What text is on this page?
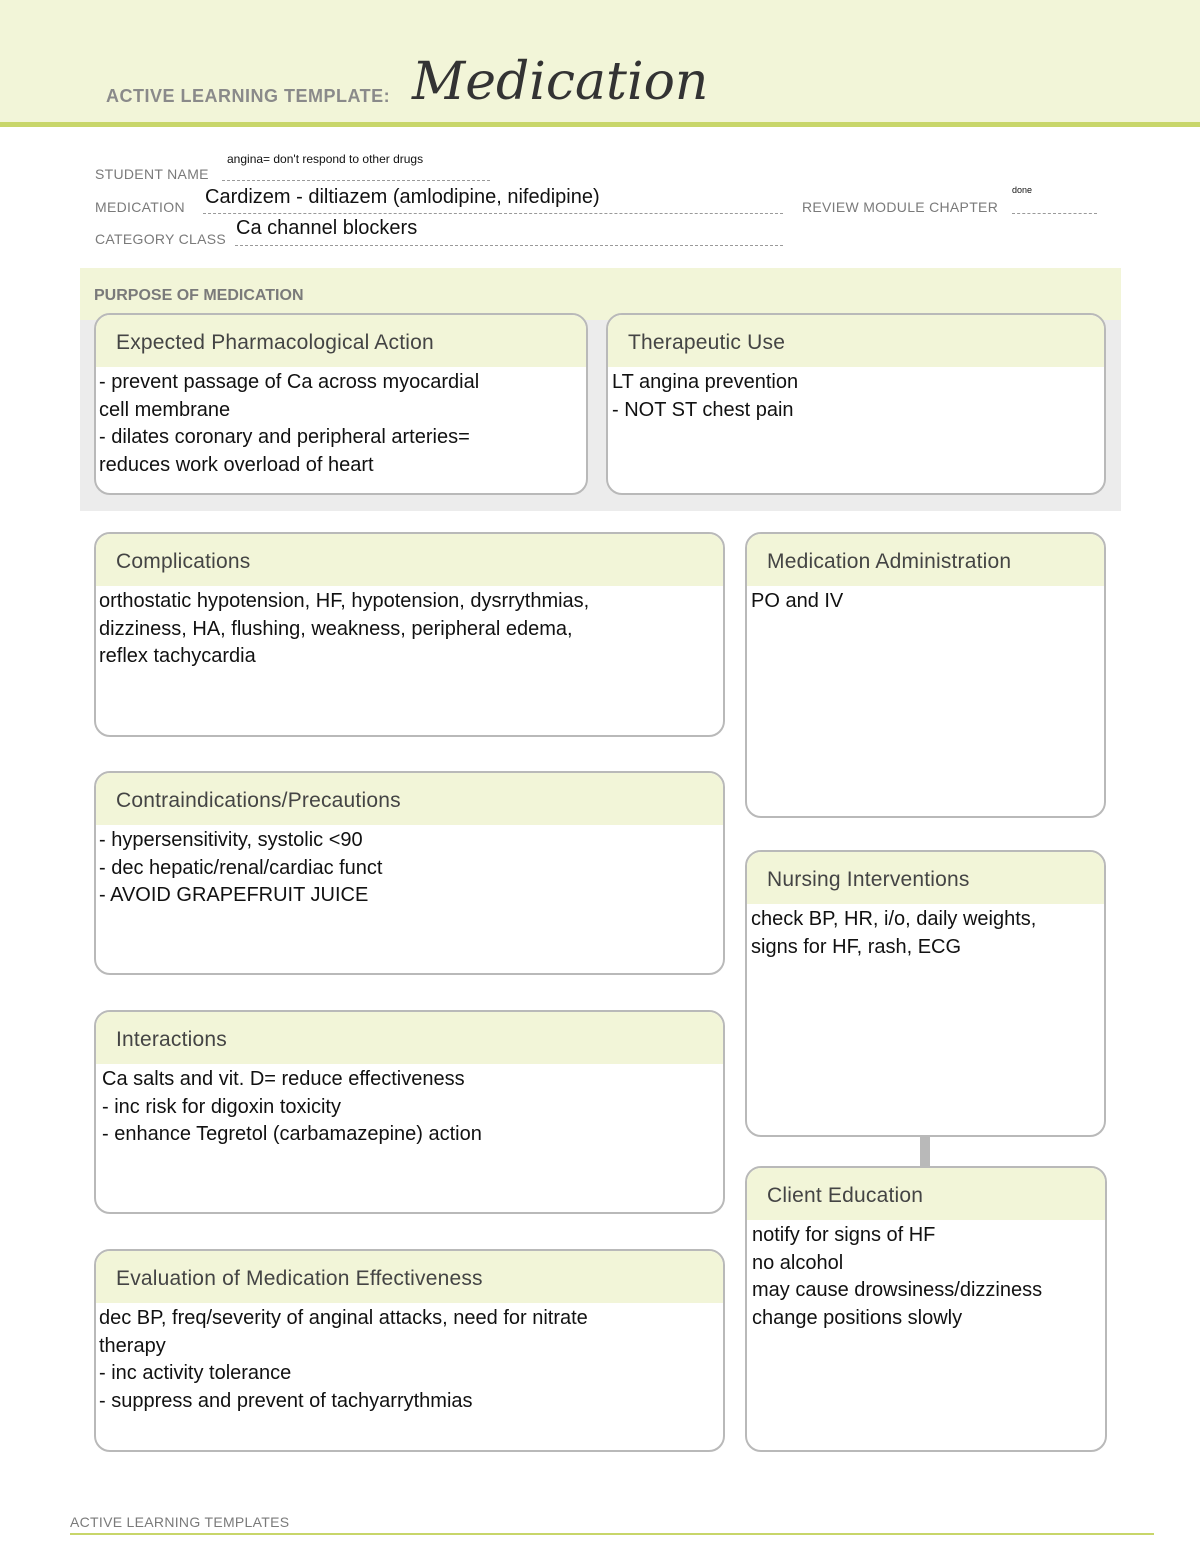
ACTIVE LEARNING TEMPLATE: Medication
angina= don't respond to other drugs
STUDENT NAME
MEDICATION Cardizem - diltiazem (amlodipine, nifedipine)	REVIEW MODULE CHAPTER
done
CATEGORY CLASS Ca channel blockers
PURPOSE OF MEDICATION
Expected Pharmacological Action
- prevent passage of Ca across myocardial
cell membrane
- dilates coronary and peripheral arteries=
reduces work overload of heart
Therapeutic Use
LT angina prevention
- NOT ST chest pain
Complications
orthostatic hypotension, HF, hypotension, dysrrythmias,
dizziness, HA, flushing, weakness, peripheral edema,
reflex tachycardia
Contraindications/Precautions
- hypersensitivity, systolic <90
- dec hepatic/renal/cardiac funct
- AVOID GRAPEFRUIT JUICE
Interactions
Ca salts and vit. D= reduce effectiveness
- inc risk for digoxin toxicity
- enhance Tegretol (carbamazepine) action
Evaluation of Medication Effectiveness
dec BP, freq/severity of anginal attacks, need for nitrate
therapy
- inc activity tolerance
- suppress and prevent of tachyarrythmias
Medication Administration
PO and IV
Nursing Interventions
check BP, HR, i/o, daily weights,
signs for HF, rash, ECG
Client Education
notify for signs of HF
no alcohol
may cause drowsiness/dizziness
change positions slowly
ACTIVE LEARNING TEMPLATES
